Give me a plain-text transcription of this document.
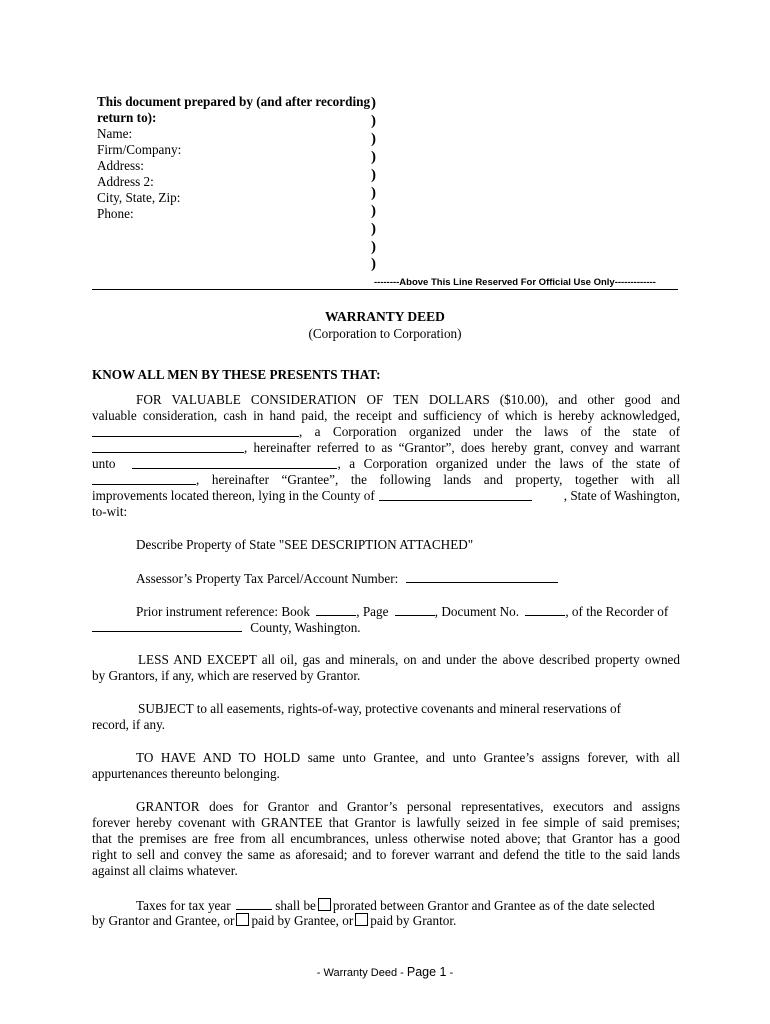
This document prepared by (and after recording
return to):
Name:
Firm/Company:
Address:
Address 2:
City, State, Zip:
Phone:
)
)
)
)
)
)
)
)
)
)
--------Above This Line Reserved For Official Use Only-------------
WARRANTY DEED
(Corporation to Corporation)
KNOW ALL MEN BY THESE PRESENTS THAT:
FOR VALUABLE CONSIDERATION OF TEN DOLLARS ($10.00), and other good and
valuable consideration, cash in hand paid, the receipt and sufficiency of which is hereby acknowledged,
, a Corporation organized under the laws of the state of
, hereinafter referred to as “Grantor”, does hereby grant, convey and warrant
unto	, a Corporation organized under the laws of the state of
, hereinafter “Grantee”, the following lands and property, together with all
improvements located thereon, lying in the County of	, State of Washington,
to-wit:
Describe Property of State "SEE DESCRIPTION ATTACHED"
Assessor’s Property Tax Parcel/Account Number:
Prior instrument reference: Book	, Page	, Document No.	, of the Recorder of
County, Washington.
LESS AND EXCEPT all oil, gas and minerals, on and under the above described property owned
by Grantors, if any, which are reserved by Grantor.
SUBJECT to all easements, rights-of-way, protective covenants and mineral reservations of
record, if any.
TO HAVE AND TO HOLD same unto Grantee, and unto Grantee’s assigns forever, with all
appurtenances thereunto belonging.
GRANTOR does for Grantor and Grantor’s personal representatives, executors and assigns
forever hereby covenant with GRANTEE that Grantor is lawfully seized in fee simple of said premises;
that the premises are free from all encumbrances, unless otherwise noted above; that Grantor has a good
right to sell and convey the same as aforesaid; and to forever warrant and defend the title to the said lands
against all claims whatever.
Taxes for tax year	shall be prorated between Grantor and Grantee as of the date selected
by Grantor and Grantee, or paid by Grantee, or paid by Grantor.
- Warranty Deed - Page 1 -
